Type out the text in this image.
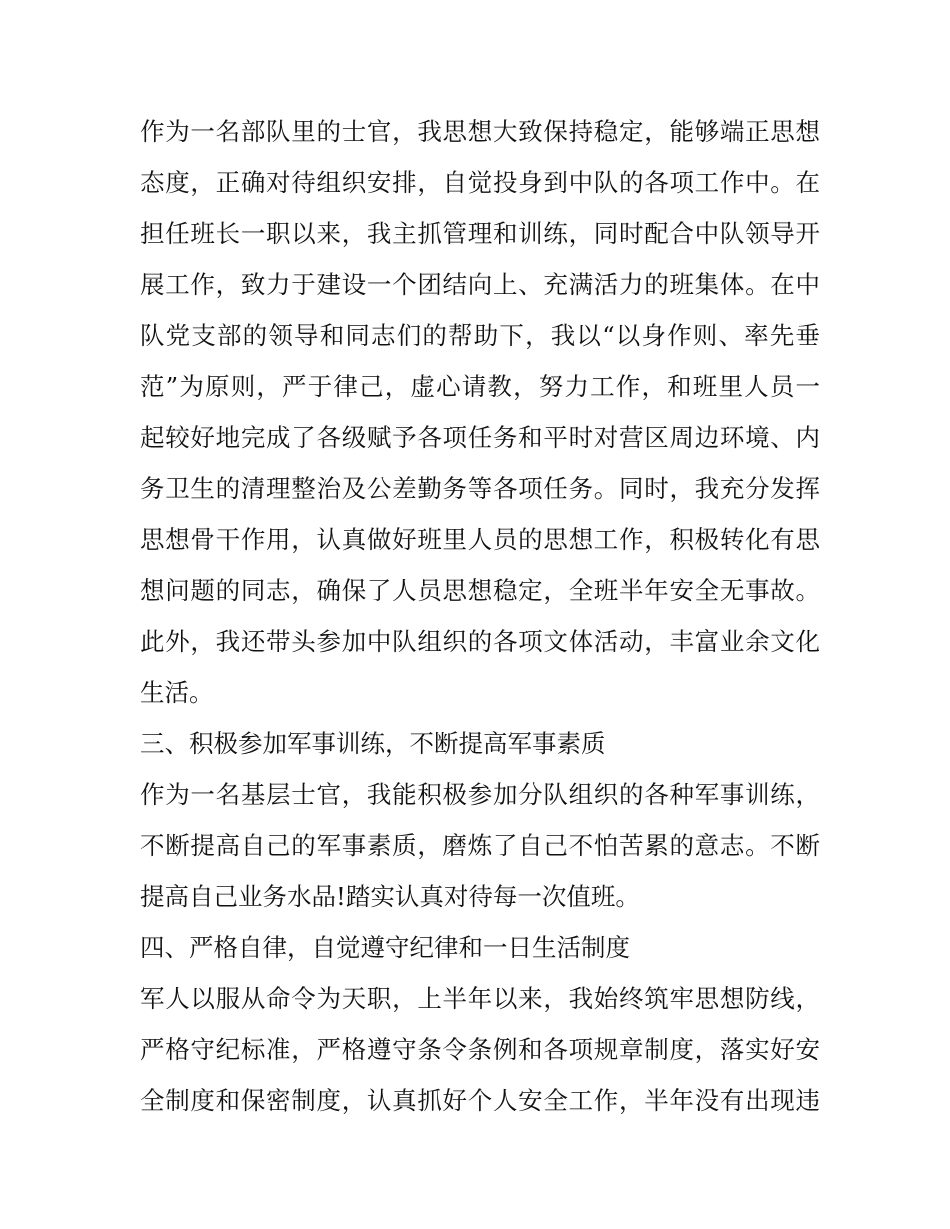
作为一名部队里的士官，我思想大致保持稳定，能够端正思想
态度，正确对待组织安排，自觉投身到中队的各项工作中。在
担任班长一职以来，我主抓管理和训练，同时配合中队领导开
展工作，致力于建设一个团结向上、充满活力的班集体。在中
队党支部的领导和同志们的帮助下，我以“以身作则、率先垂
范”为原则，严于律己，虚心请教，努力工作，和班里人员一
起较好地完成了各级赋予各项任务和平时对营区周边环境、内
务卫生的清理整治及公差勤务等各项任务。同时，我充分发挥
思想骨干作用，认真做好班里人员的思想工作，积极转化有思
想问题的同志，确保了人员思想稳定，全班半年安全无事故。
此外，我还带头参加中队组织的各项文体活动，丰富业余文化
生活。
三、积极参加军事训练，不断提高军事素质
作为一名基层士官，我能积极参加分队组织的各种军事训练，
不断提高自己的军事素质，磨炼了自己不怕苦累的意志。不断
提高自己业务水品!踏实认真对待每一次值班。
四、严格自律，自觉遵守纪律和一日生活制度
军人以服从命令为天职，上半年以来，我始终筑牢思想防线，
严格守纪标准，严格遵守条令条例和各项规章制度，落实好安
全制度和保密制度，认真抓好个人安全工作，半年没有出现违
